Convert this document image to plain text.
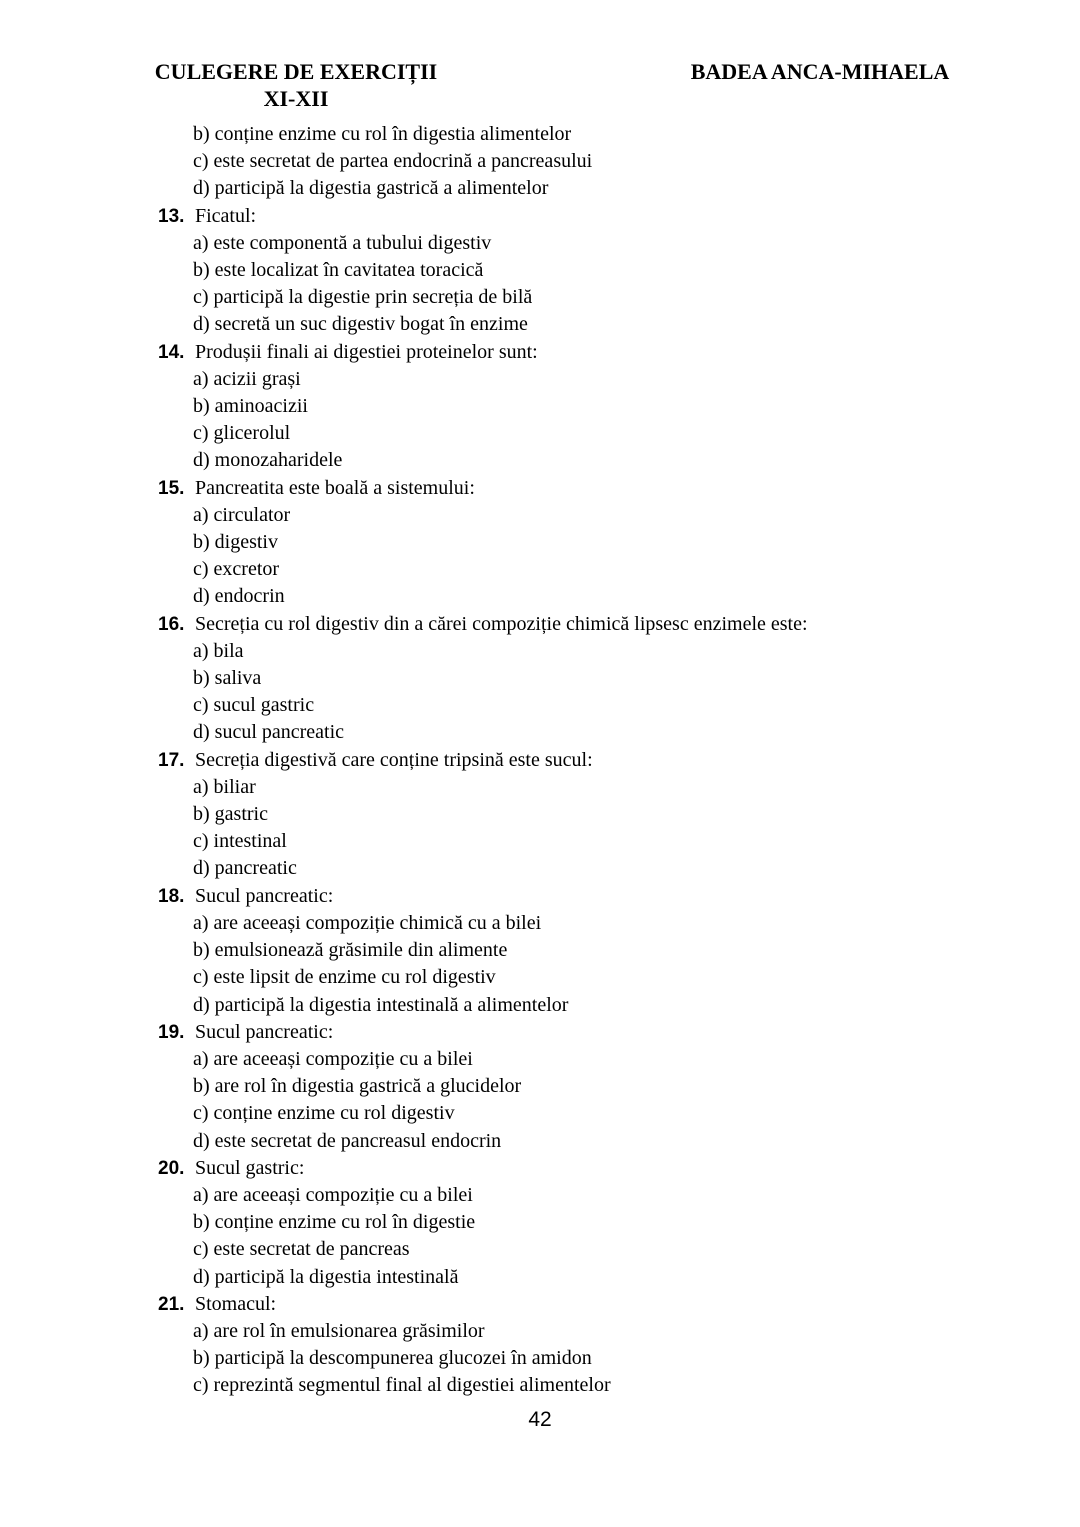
CULEGERE DE EXERCIȚII
XI-XII
BADEA ANCA-MIHAELA
b) conține enzime cu rol în digestia alimentelor
c) este secretat de partea endocrină a pancreasului
d) participă la digestia gastrică a alimentelor
13. Ficatul:
a) este componentă a tubului digestiv
b) este localizat în cavitatea toracică
c) participă la digestie prin secreția de bilă
d) secretă un suc digestiv bogat în enzime
14. Produșii finali ai digestiei proteinelor sunt:
a) acizii grași
b) aminoacizii
c) glicerolul
d) monozaharidele
15. Pancreatita este boală a sistemului:
a) circulator
b) digestiv
c) excretor
d) endocrin
16. Secreția cu rol digestiv din a cărei compoziție chimică lipsesc enzimele este:
a) bila
b) saliva
c) sucul gastric
d) sucul pancreatic
17. Secreția digestivă care conține tripsină este sucul:
a) biliar
b) gastric
c) intestinal
d) pancreatic
18. Sucul pancreatic:
a) are aceeași compoziție chimică cu a bilei
b) emulsionează grăsimile din alimente
c) este lipsit de enzime cu rol digestiv
d) participă la digestia intestinală a alimentelor
19. Sucul pancreatic:
a) are aceeași compoziție cu a bilei
b) are rol în digestia gastrică a glucidelor
c) conține enzime cu rol digestiv
d) este secretat de pancreasul endocrin
20. Sucul gastric:
a) are aceeași compoziție cu a bilei
b) conține enzime cu rol în digestie
c) este secretat de pancreas
d) participă la digestia intestinală
21. Stomacul:
a) are rol în emulsionarea grăsimilor
b) participă la descompunerea glucozei în amidon
c) reprezintă segmentul final al digestiei alimentelor
42
